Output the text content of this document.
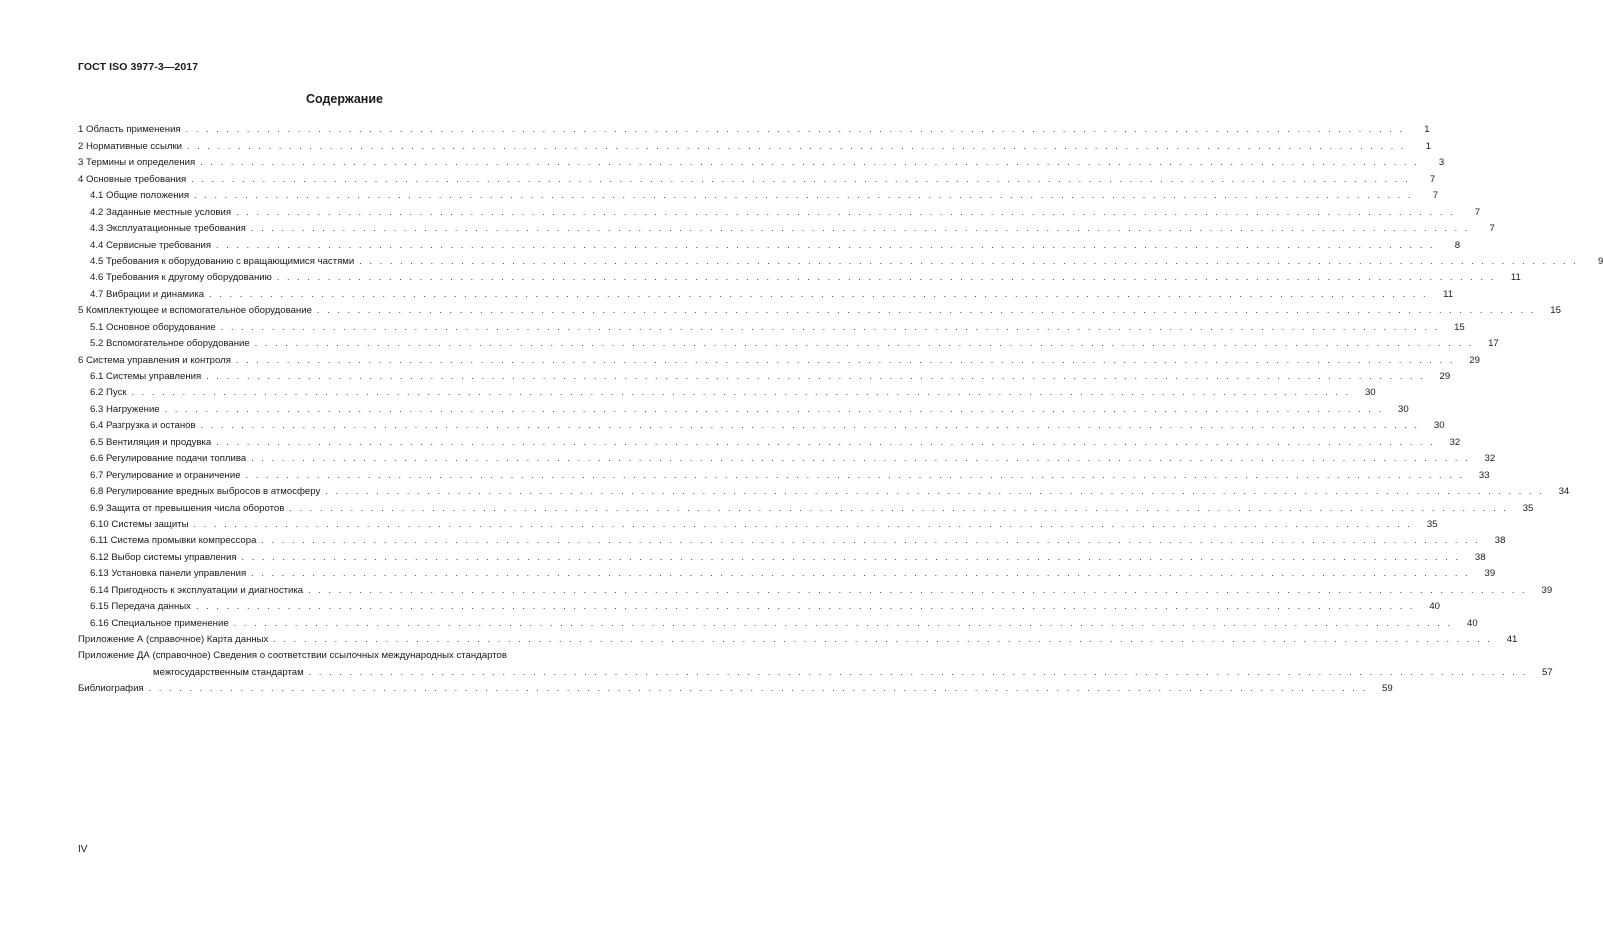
ГОСТ ISO 3977-3—2017
Содержание
1 Область применения . . . . . . . . . . . . . . . . . . . . . . . . . . . . . . . . . . . . . . . . . . . . . . . . . . . . . . . . . . . . . . . . . . . . . . . . . . . . . . . . . . . . . . . . . . . . . . . . . . . . . . . . . . . . . . . . . . . . . . . .	1
2 Нормативные ссылки . . . . . . . . . . . . . . . . . . . . . . . . . . . . . . . . . . . . . . . . . . . . . . . . . . . . . . . . . . . . . . . . . . . . . . . . . . . . . . . . . . . . . . . . . . . . . . . . . . . . . . . . . . . . . . . . . . . . . . . .	1
3 Термины и определения . . . . . . . . . . . . . . . . . . . . . . . . . . . . . . . . . . . . . . . . . . . . . . . . . . . . . . . . . . . . . . . . . . . . . . . . . . . . . . . . . . . . . . . . . . . . . . . . . . . . . . . . . . . . . . . . . . . . . . . .	3
4 Основные требования . . . . . . . . . . . . . . . . . . . . . . . . . . . . . . . . . . . . . . . . . . . . . . . . . . . . . . . . . . . . . . . . . . . . . . . . . . . . . . . . . . . . . . . . . . . . . . . . . . . . . . . . . . . . . . . . . . . . . . . .	7
4.1 Общие положения . . . . . . . . . . . . . . . . . . . . . . . . . . . . . . . . . . . . . . . . . . . . . . . . . . . . . . . . . . . . . . . . . . . . . . . . . . . . . . . . . . . . . . . . . . . . . . . . . . . . . . . . . . . . . . . . . . . . . . . .	7
4.2 Заданные местные условия . . . . . . . . . . . . . . . . . . . . . . . . . . . . . . . . . . . . . . . . . . . . . . . . . . . . . . . . . . . . . . . . . . . . . . . . . . . . . . . . . . . . . . . . . . . . . . . . . . . . . . . . . . . . . . . . . . . . . . . .	7
4.3 Эксплуатационные требования . . . . . . . . . . . . . . . . . . . . . . . . . . . . . . . . . . . . . . . . . . . . . . . . . . . . . . . . . . . . . . . . . . . . . . . . . . . . . . . . . . . . . . . . . . . . . . . . . . . . . . . . . . . . . . . . . . . . . . . .	7
4.4 Сервисные требования . . . . . . . . . . . . . . . . . . . . . . . . . . . . . . . . . . . . . . . . . . . . . . . . . . . . . . . . . . . . . . . . . . . . . . . . . . . . . . . . . . . . . . . . . . . . . . . . . . . . . . . . . . . . . . . . . . . . . . . .	8
4.5 Требования к оборудованию с вращающимися частями . . . . . . . . . . . . . . . . . . . . . . . . . . . . . . . . . . . . . . . . . . . . . . . . . . . . . . . . . . . . . . . . . . . . . . . . . . . . . . . . . . . . . . . . . . . . . . . . . . . . . . . . . . . . . . . . . . . . . . . .	9
4.6 Требования к другому оборудованию . . . . . . . . . . . . . . . . . . . . . . . . . . . . . . . . . . . . . . . . . . . . . . . . . . . . . . . . . . . . . . . . . . . . . . . . . . . . . . . . . . . . . . . . . . . . . . . . . . . . . . . . . . . . . . . . . . . . . . . .	11
4.7 Вибрации и динамика . . . . . . . . . . . . . . . . . . . . . . . . . . . . . . . . . . . . . . . . . . . . . . . . . . . . . . . . . . . . . . . . . . . . . . . . . . . . . . . . . . . . . . . . . . . . . . . . . . . . . . . . . . . . . . . . . . . . . . . .	11
5 Комплектующее и вспомогательное оборудование . . . . . . . . . . . . . . . . . . . . . . . . . . . . . . . . . . . . . . . . . . . . . . . . . . . . . . . . . . . . . . . . . . . . . . . . . . . . . . . . . . . . . . . . . . . . . . . . . . . . . . . . . . . . . . . . . . . . . . . .	15
5.1 Основное оборудование . . . . . . . . . . . . . . . . . . . . . . . . . . . . . . . . . . . . . . . . . . . . . . . . . . . . . . . . . . . . . . . . . . . . . . . . . . . . . . . . . . . . . . . . . . . . . . . . . . . . . . . . . . . . . . . . . . . . . . . .	15
5.2 Вспомогательное оборудование . . . . . . . . . . . . . . . . . . . . . . . . . . . . . . . . . . . . . . . . . . . . . . . . . . . . . . . . . . . . . . . . . . . . . . . . . . . . . . . . . . . . . . . . . . . . . . . . . . . . . . . . . . . . . . . . . . . . . . . .	17
6 Система управления и контроля . . . . . . . . . . . . . . . . . . . . . . . . . . . . . . . . . . . . . . . . . . . . . . . . . . . . . . . . . . . . . . . . . . . . . . . . . . . . . . . . . . . . . . . . . . . . . . . . . . . . . . . . . . . . . . . . . . . . . . . .	29
6.1 Системы управления . . . . . . . . . . . . . . . . . . . . . . . . . . . . . . . . . . . . . . . . . . . . . . . . . . . . . . . . . . . . . . . . . . . . . . . . . . . . . . . . . . . . . . . . . . . . . . . . . . . . . . . . . . . . . . . . . . . . . . . .	29
6.2 Пуск . . . . . . . . . . . . . . . . . . . . . . . . . . . . . . . . . . . . . . . . . . . . . . . . . . . . . . . . . . . . . . . . . . . . . . . . . . . . . . . . . . . . . . . . . . . . . . . . . . . . . . . . . . . . . . . . . . . . . . . .	30
6.3 Нагружение . . . . . . . . . . . . . . . . . . . . . . . . . . . . . . . . . . . . . . . . . . . . . . . . . . . . . . . . . . . . . . . . . . . . . . . . . . . . . . . . . . . . . . . . . . . . . . . . . . . . . . . . . . . . . . . . . . . . . . . .	30
6.4 Разгрузка и останов . . . . . . . . . . . . . . . . . . . . . . . . . . . . . . . . . . . . . . . . . . . . . . . . . . . . . . . . . . . . . . . . . . . . . . . . . . . . . . . . . . . . . . . . . . . . . . . . . . . . . . . . . . . . . . . . . . . . . . . .	30
6.5 Вентиляция и продувка . . . . . . . . . . . . . . . . . . . . . . . . . . . . . . . . . . . . . . . . . . . . . . . . . . . . . . . . . . . . . . . . . . . . . . . . . . . . . . . . . . . . . . . . . . . . . . . . . . . . . . . . . . . . . . . . . . . . . . . .	32
6.6 Регулирование подачи топлива . . . . . . . . . . . . . . . . . . . . . . . . . . . . . . . . . . . . . . . . . . . . . . . . . . . . . . . . . . . . . . . . . . . . . . . . . . . . . . . . . . . . . . . . . . . . . . . . . . . . . . . . . . . . . . . . . . . . . . . .	32
6.7 Регулирование и ограничение . . . . . . . . . . . . . . . . . . . . . . . . . . . . . . . . . . . . . . . . . . . . . . . . . . . . . . . . . . . . . . . . . . . . . . . . . . . . . . . . . . . . . . . . . . . . . . . . . . . . . . . . . . . . . . . . . . . . . . . .	33
6.8 Регулирование вредных выбросов в атмосферу . . . . . . . . . . . . . . . . . . . . . . . . . . . . . . . . . . . . . . . . . . . . . . . . . . . . . . . . . . . . . . . . . . . . . . . . . . . . . . . . . . . . . . . . . . . . . . . . . . . . . . . . . . . . . . . . . . . . . . . .	34
6.9 Защита от превышения числа оборотов . . . . . . . . . . . . . . . . . . . . . . . . . . . . . . . . . . . . . . . . . . . . . . . . . . . . . . . . . . . . . . . . . . . . . . . . . . . . . . . . . . . . . . . . . . . . . . . . . . . . . . . . . . . . . . . . . . . . . . . .	35
6.10 Системы защиты . . . . . . . . . . . . . . . . . . . . . . . . . . . . . . . . . . . . . . . . . . . . . . . . . . . . . . . . . . . . . . . . . . . . . . . . . . . . . . . . . . . . . . . . . . . . . . . . . . . . . . . . . . . . . . . . . . . . . . . .	35
6.11 Система промывки компрессора . . . . . . . . . . . . . . . . . . . . . . . . . . . . . . . . . . . . . . . . . . . . . . . . . . . . . . . . . . . . . . . . . . . . . . . . . . . . . . . . . . . . . . . . . . . . . . . . . . . . . . . . . . . . . . . . . . . . . . . .	38
6.12 Выбор системы управления . . . . . . . . . . . . . . . . . . . . . . . . . . . . . . . . . . . . . . . . . . . . . . . . . . . . . . . . . . . . . . . . . . . . . . . . . . . . . . . . . . . . . . . . . . . . . . . . . . . . . . . . . . . . . . . . . . . . . . . .	38
6.13 Установка панели управления . . . . . . . . . . . . . . . . . . . . . . . . . . . . . . . . . . . . . . . . . . . . . . . . . . . . . . . . . . . . . . . . . . . . . . . . . . . . . . . . . . . . . . . . . . . . . . . . . . . . . . . . . . . . . . . . . . . . . . . .	39
6.14 Пригодность к эксплуатации и диагностика . . . . . . . . . . . . . . . . . . . . . . . . . . . . . . . . . . . . . . . . . . . . . . . . . . . . . . . . . . . . . . . . . . . . . . . . . . . . . . . . . . . . . . . . . . . . . . . . . . . . . . . . . . . . . . . . . . . . . . . .	39
6.15 Передача данных . . . . . . . . . . . . . . . . . . . . . . . . . . . . . . . . . . . . . . . . . . . . . . . . . . . . . . . . . . . . . . . . . . . . . . . . . . . . . . . . . . . . . . . . . . . . . . . . . . . . . . . . . . . . . . . . . . . . . . . .	40
6.16 Специальное применение . . . . . . . . . . . . . . . . . . . . . . . . . . . . . . . . . . . . . . . . . . . . . . . . . . . . . . . . . . . . . . . . . . . . . . . . . . . . . . . . . . . . . . . . . . . . . . . . . . . . . . . . . . . . . . . . . . . . . . . .	40
Приложение А (справочное) Карта данных . . . . . . . . . . . . . . . . . . . . . . . . . . . . . . . . . . . . . . . . . . . . . . . . . . . . . . . . . . . . . . . . . . . . . . . . . . . . . . . . . . . . . . . . . . . . . . . . . . . . . . . . . . . . . . . . . . . . . . . .	41
Приложение ДА (справочное) Сведения о соответствии ссылочных международных стандартов
межгосударственным стандартам . . . . . . . . . . . . . . . . . . . . . . . . . . . . . . . . . . . . . . . . . . . . . . . . . . . . . . . . . . . . . . . . . . . . . . . . . . . . . . . . . . . . . . . . . . . . . . . . . . . . . . . . . . . . . . . . . . . . . . . .	57
Библиография . . . . . . . . . . . . . . . . . . . . . . . . . . . . . . . . . . . . . . . . . . . . . . . . . . . . . . . . . . . . . . . . . . . . . . . . . . . . . . . . . . . . . . . . . . . . . . . . . . . . . . . . . . . . . . . . . . . . . . . .	59
IV
